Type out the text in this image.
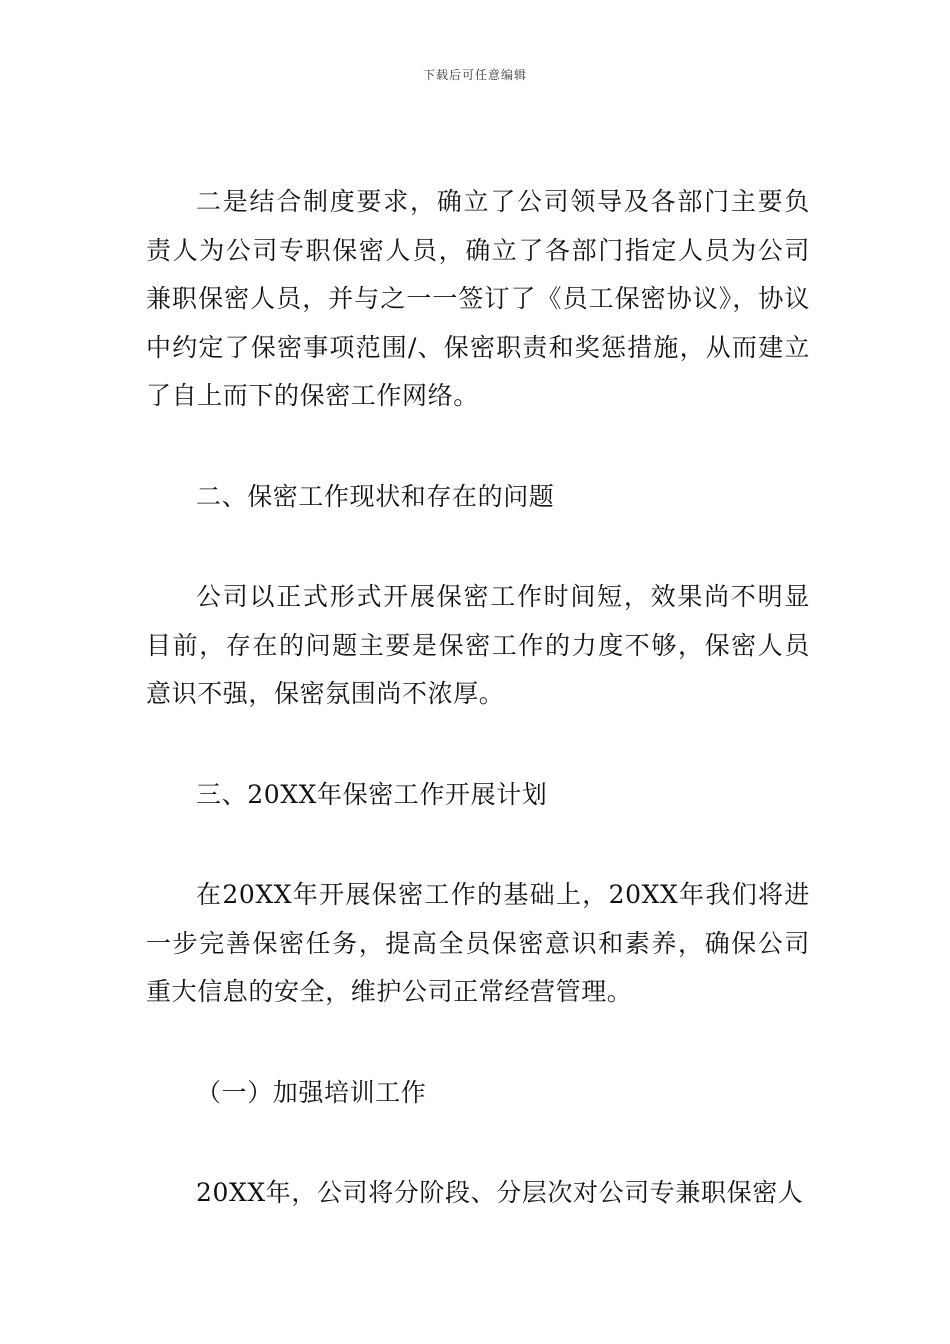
下载后可任意编辑

二是结合制度要求，确立了公司领导及各部门主要负责人为公司专职保密人员，确立了各部门指定人员为公司兼职保密人员，并与之一一签订了《员工保密协议》，协议中约定了保密事项范围/、保密职责和奖惩措施，从而建立了自上而下的保密工作网络。

二、保密工作现状和存在的问题

公司以正式形式开展保密工作时间短，效果尚不明显目前，存在的问题主要是保密工作的力度不够，保密人员意识不强，保密氛围尚不浓厚。

三、20XX年保密工作开展计划

在20XX年开展保密工作的基础上，20XX年我们将进一步完善保密任务，提高全员保密意识和素养，确保公司重大信息的安全，维护公司正常经营管理。

（一）加强培训工作

20XX年，公司将分阶段、分层次对公司专兼职保密人
